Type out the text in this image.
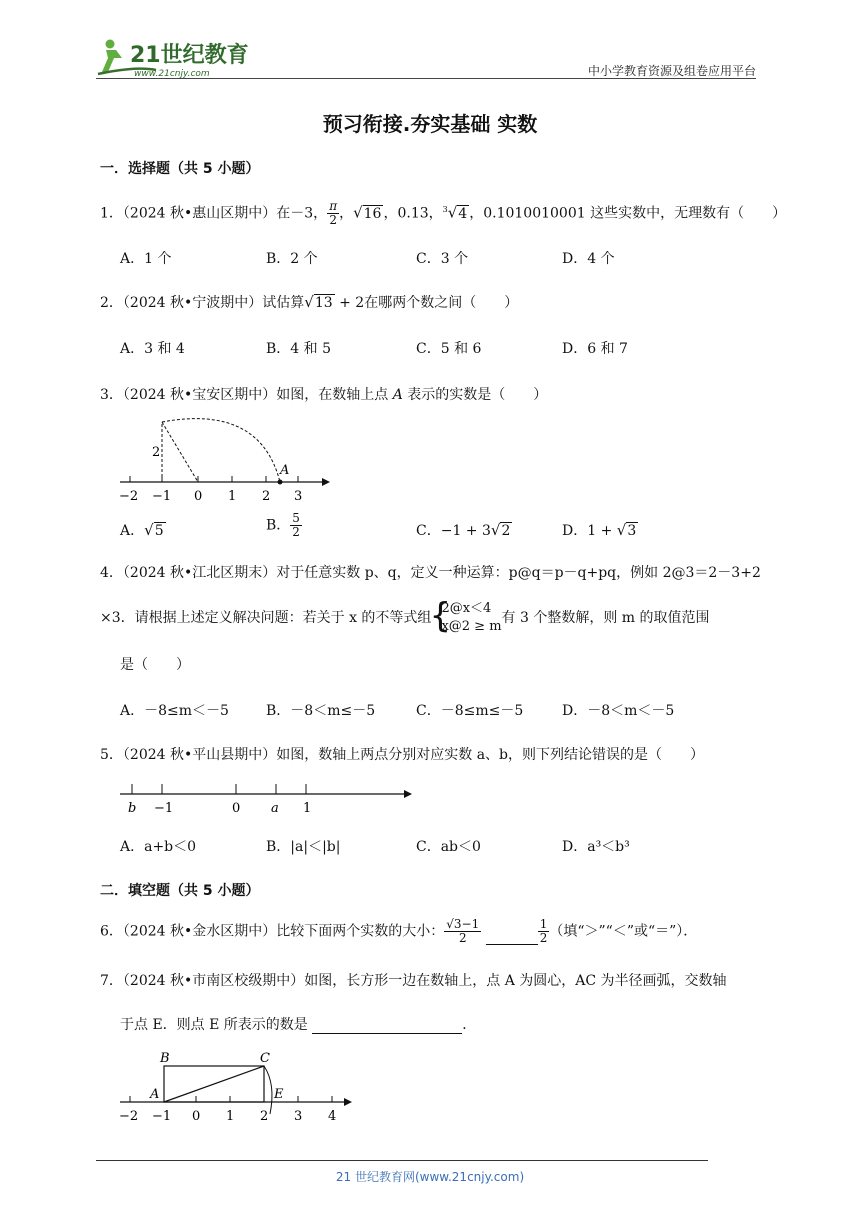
21世纪教育
www.21cnjy.com	中小学教育资源及组卷应用平台
预习衔接.夯实基础 实数
一．选择题（共 5 小题）
1．（2024 秋•惠山区期中）在－3， $\frac{\pi}{2}$ ，√16 ，0.13，$^3$√4 ，0.1010010001 这些实数中，无理数有（　　）
A．1 个	B．2 个	C．3 个	D．4 个
2．（2024 秋•宁波期中）试估算√13 + 2在哪两个数之间（　　）
A．3 和 4	B．4 和 5	C．5 和 6	D．6 和 7
3．（2024 秋•宝安区期中）如图，在数轴上点 A 表示的实数是（　　）
2
A
−2 −1 0 1 2 3
A．√5	B． $\frac{5}{2}$	C．−1 + 3√2	D．1 + √3
4．（2024 秋•江北区期末）对于任意实数 p、q，定义一种运算：p@q＝p－q+pq，例如 2@3＝2－3+2
×3．请根据上述定义解决问题：若关于 x 的不等式组
{ 2@x＜4
x@2 ≥ m
有 3 个整数解，则 m 的取值范围
是（　　）
A．－8≤m＜－5	B．－8＜m≤－5	C．－8≤m≤－5	D．－8＜m＜－5
5．（2024 秋•平山县期中）如图，数轴上两点分别对应实数 a、b，则下列结论错误的是（　　）
b −1	0 a 1
A．a+b＜0	B．|a|＜|b|	C．ab＜0	D．a³＜b³
二．填空题（共 5 小题）
6．（2024 秋•金水区期中）比较下面两个实数的大小： $\frac{√3-1}{2}$
	$\frac{1}{2}$ （填“＞”“＜”或“＝”）．
7．（2024 秋•市南区校级期中）如图，长方形一边在数轴上，点 A 为圆心，AC 为半径画弧，交数轴
于点 E．则点 E 所表示的数是	．
A
B	C
E
−2 −1 0 1 2 3 4
21 世纪教育网(www.21cnjy.com)
